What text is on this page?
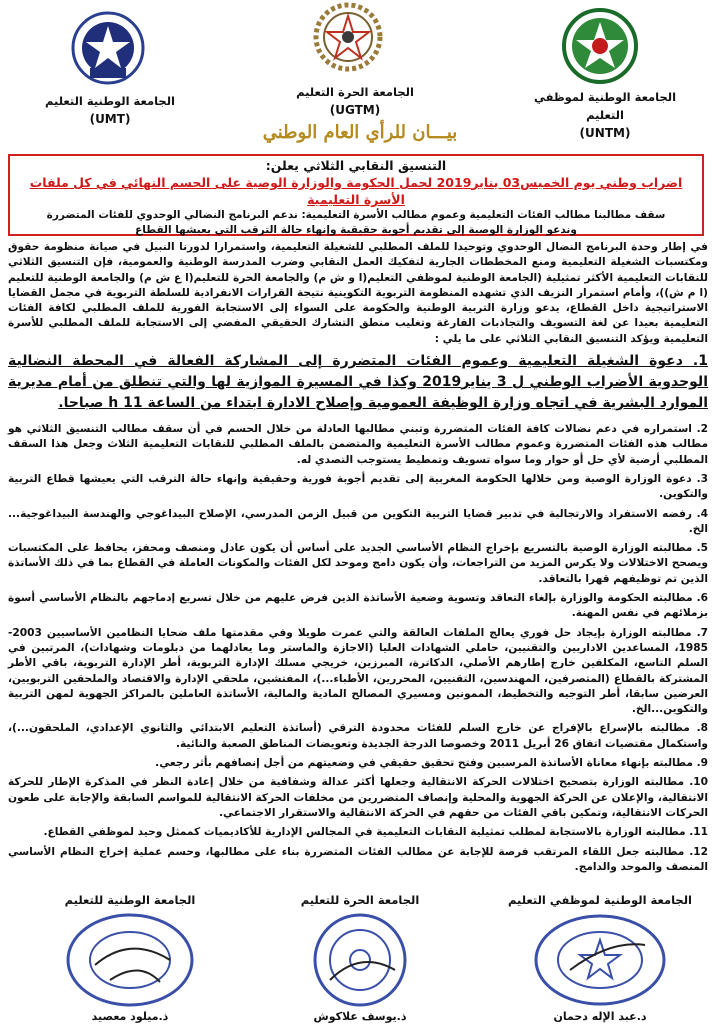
الجامعة الوطنية لموظفي التعليم
(UNTM)
الجامعة الحرة التعليم
(UGTM)
الجامعة الوطنية التعليم
(UMT)
بيـــان للرأي العام الوطني
التنسيق النقابي الثلاثي يعلن:
اضراب وطني يوم الخميس03 يناير2019 لحمل الحكومة والوزارة الوصية على الحسم النهائي في كل ملفات الأسرة التعليمية
سقف مطالبنا مطالب الفئات التعليمية وعموم مطالب الأسرة التعليمية: ندعم البرنامج النضالي الوحدوي للفئات المتضررة
وندعو الوزارة الوصية إلى تقديم أجوبة حقيقية وإنهاء حالة الترقب التي يعيشها القطاع

في إطار وحدة البرنامج النضال الوحدوي وتوحيدا للملف المطلبي للشغيلة التعليمية، واستمرارا لدورنا النبيل في صيانة منظومة حقوق ومكتسبات الشغيلة التعليمية ومنع المخططات الجارية لتفكيك العمل النقابي وضرب المدرسة الوطنية والعمومية، فإن التنسيق الثلاثي للنقابات التعليمية الأكثر تمثيلية (الجامعة الوطنية لموظفي التعليم(ا و ش م) والجامعة الحرة للتعليم(ا ع ش م) والجامعة الوطنية للتعليم (ا م ش))، وأمام استمرار النزيف الذي تشهده المنظومة التربوية التكوينية نتيجة القرارات الانفرادية للسلطة التربوية في مجمل القضايا الاستراتيجية داخل القطاع، يدعو وزارة التربية الوطنية والحكومة على السواء إلى الاستجابة الفورية للملف المطلبي لكافة الفئات التعليمية بعيدا عن لغة التسويف والتجاذبات الفارغة وتغليب منطق التشارك الحقيقي المفضي إلى الاستجابة للملف المطلبي للأسرة التعليمية ويؤكد التنسيق النقابي الثلاثي على ما يلي :

1. دعوة الشغيلة التعليمية وعموم الفئات المتضررة إلى المشاركة الفعالة في المحطة النضالية الوحدوية الأضراب الوطني ل 3 يناير2019 وكذا في المسيرة الموازية لها والتي تنطلق من أمام مديرية الموارد البشرية في اتجاه وزارة الوظيفة العمومية وإصلاح الادارة ابتداء من الساعة 11 h صباحا.

2. استمراره في دعم نضالات كافة الفئات المتضررة وتبني مطالبها العادلة من خلال الحسم في أن سقف مطالب التنسيق الثلاثي هو مطالب هذه الفئات المتضررة وعموم مطالب الأسرة التعليمية والمتضمن بالملف المطلبي للنقابات التعليمية الثلاث وجعل هذا السقف المطلبي أرضية لأي حل أو حوار وما سواه تسويف وتمطيط يستوجب التصدي له.

3. دعوة الوزارة الوصية ومن خلالها الحكومة المغربية إلى تقديم أجوبة فورية وحقيقية وإنهاء حالة الترقب التي يعيشها قطاع التربية والتكوين.

4. رفضه الاستفراد والارتجالية في تدبير قضايا التربية التكوين من قبيل الزمن المدرسي، الإصلاح البيداغوجي والهندسة البيداغوجية... الخ.

5. مطالبته الوزارة الوصية بالتسريع بإخراج النظام الأساسي الجديد على أساس أن يكون عادل ومنصف ومحفز، يحافظ على المكتسبات ويصحح الاختلالات ولا يكرس المزيد من التراجعات، وأن يكون دامج وموحد لكل الفئات والمكونات العاملة في القطاع بما في ذلك الأساتذة الذين تم توظيفهم قهرا بالتعاقد.

6. مطالبته الحكومة والوزارة بإلغاء التعاقد وتسوية وضعية الأساتذة الذين فرض عليهم من خلال تسريع إدماجهم بالنظام الأساسي أسوة بزملائهم في نفس المهنة.

7. مطالبته الوزارة بإيجاد حل فوري يعالج الملفات العالقة والتي عمرت طويلا وفي مقدمتها ملف ضحايا النظامين الأساسيين 2003-1985، المساعدين الاداريين والتقنيين، حاملي الشهادات العليا (الاجازة والماستر وما يعادلهما من دبلومات وشهادات)، المرتبين في السلم التاسع، المكلفين خارج إطارهم الأصلي، الدكاترة، المبرزين، خريجي مسلك الإدارة التربوية، أطر الإدارة التربوية، باقي الأطر المشتركة بالقطاع (المتصرفين، المهندسين، التقنيين، المحررين، الأطباء...)، المفتشين، ملحقي الإدارة والاقتصاد والملحقين التربويين، العرضين سابقا، أطر التوجيه والتخطيط، الممونين ومسيري المصالح المادية والمالية، الأساتذة العاملين بالمراكز الجهوية لمهن التربية والتكوين...الخ.

8. مطالبته بالإسراع بالإفراج عن خارج السلم للفئات محدودة الترقي (أساتذة التعليم الابتدائي والثانوي الإعدادي، الملحقون...)، واستكمال مقتضيات اتفاق 26 أبريل 2011 وخصوصا الدرجة الجديدة وتعويضات المناطق الصعبة والنائية.

9. مطالبته بإنهاء معاناة الأساتذة المرسبين وفتح تحقيق حقيقي في وضعيتهم من أجل إنصافهم بأثر رجعي.

10. مطالبته الوزارة بتصحيح اختلالات الحركة الانتقالية وجعلها أكثر عدالة وشفافية من خلال إعادة النظر في المذكرة الإطار للحركة الانتقالية، والإعلان عن الحركة الجهوية والمحلية وإنصاف المتضررين من مخلفات الحركة الانتقالية للمواسم السابقة والإجابة على طعون الحركات الانتقالية، وتمكين باقي الفئات من حقهم في الحركة الانتقالية والاستقرار الاجتماعي.

11. مطالبته الوزارة بالاستجابة لمطلب تمثيلية النقابات التعليمية في المجالس الإدارية للأكاديميات كممثل وحيد لموظفي القطاع.

12. مطالبته جعل اللقاء المرتقب فرصة للإجابة عن مطالب الفئات المتضررة بناء على مطالبها، وحسم عملية إخراج النظام الأساسي المنصف والموحد والدامج.

الجامعة الوطنية لموظفي التعليم
د.عبد الإله دحمان
الجامعة الحرة للتعليم
ذ.يوسف علاكوش
الجامعة الوطنية للتعليم
ذ.ميلود معصيد
